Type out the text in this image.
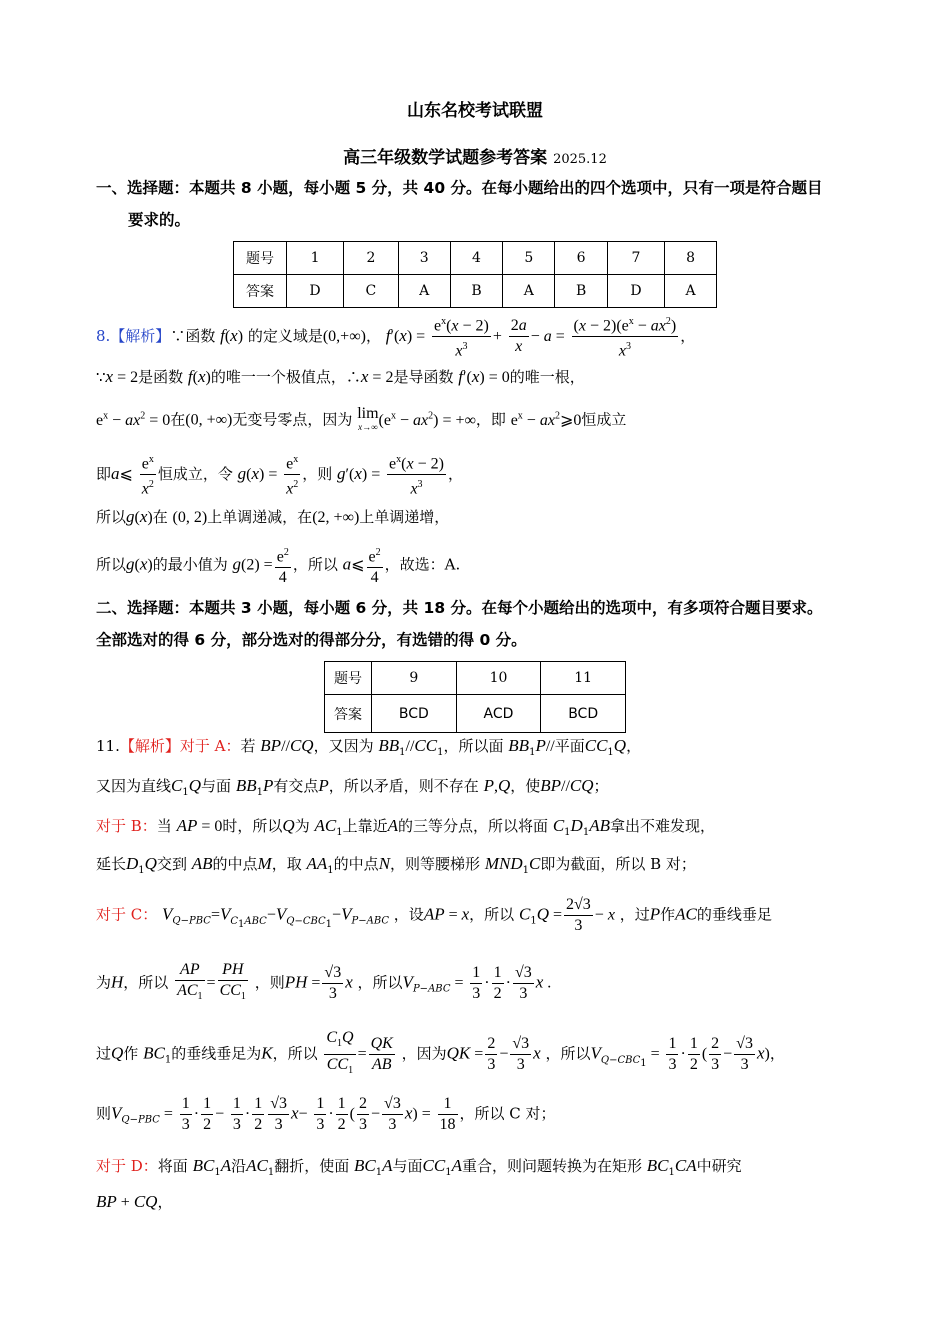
山东名校考试联盟
高三年级数学试题参考答案 2025.12
一、选择题：本题共 8 小题，每小题 5 分，共 40 分。在每小题给出的四个选项中，只有一项是符合题目
要求的。
题号	1	2	3	4	5	6	7	8
答案	D	C	A	B	A	B	D	A
8.【解析】∵函数 f(x) 的定义域是(0,+∞)， $f'(x) = \frac{e^x(x - 2)}{x^3} + \frac{2a}{x} - a = \frac{(x - 2)(e^x - ax^2)}{x^3}$ ，
∵x = 2是函数 f(x)的唯一一个极值点，∴x = 2是导函数 f′(x) = 0的唯一根，
$e^x - ax^2 = 0$在(0, +∞)无变号零点，因为 lim
$x\to\infty(e^x - ax^2)$ = +∞，即 $e^x$ − $ax^2⩾0$恒成立
即a⩽ $\frac{e^x}{x^2}$ 恒成立，令 $g(x) = \frac{e^x}{x^2}$ ，则 $g'(x) = \frac{e^x(x - 2)}{x^3}$ ，
所以g(x)在 (0, 2)上单调递减，在(2, +∞)上单调递增，
所以g(x)的最小值为 $g(2) = \frac{e^2}{4}$ ，所以 a⩽ $\frac{e^2}{4}$ ，故选：A.
二、选择题：本题共 3 小题，每小题 6 分，共 18 分。在每个小题给出的选项中，有多项符合题目要求。
全部选对的得 6 分，部分选对的得部分分，有选错的得 0 分。
题号	9	10	11
答案	BCD	ACD	BCD
11.【解析】对于 A：若 BP//CQ，又因为 $BB_1//CC_1$，所以面 $BB_1P//$平面$CC_1Q$，
又因为直线$C_1Q$与面 $BB_1P$有交点P，所以矛盾，则不存在 P,Q，使BP//CQ；
对于 B：当 AP = 0时，所以Q为 $AC_1$上靠近A的三等分点，所以将面 $C_1D_1AB$拿出不难发现，
延长$D_1Q$交到 AB的中点M，取 $AA_1$的中点N，则等腰梯形 $MND_1C$即为截面，所以 B 对；
对于 C： $V_{Q-PBC}=V_{C_1ABC}-V_{Q-CBC_1}-V_{P-ABC}$ ，设AP = x，所以 $C_1Q = \frac{2√3}{3} - x$ ，过P作AC的垂线垂足
为H，所以 $\frac{AP}{AC_1} = \frac{PH}{CC_1}$ ，则PH = $\frac{√3}{3}$ x ，所以$V_{P-ABC} = \frac{1}{3} \cdot \frac{1}{2} \cdot \frac{√3}{3}$ x .
过Q作 $BC_1$的垂线垂足为K，所以 $\frac{C_1Q}{CC_1} = \frac{QK}{AB}$ ，因为QK = $\frac{2}{3} - \frac{√3}{3}$ x ，所以$V_{Q-CBC_1} = \frac{1}{3} \cdot \frac{1}{2}$ ( $\frac{2}{3} - \frac{√3}{3} x$)，
则$V_{Q-PBC} = \frac{1}{3} \cdot \frac{1}{2} - \frac{1}{3} \cdot \frac{1}{2} \frac{√3}{3} x- \frac{1}{3} \cdot \frac{1}{2}$ ( $\frac{2}{3} - \frac{√3}{3} x) = \frac{1}{18}$ ，所以 C 对；
对于 D：将面 $BC_1A$沿$AC_1$翻折，使面 $BC_1A$与面$CC_1A$重合，则问题转换为在矩形 $BC_1CA$中研究
BP + CQ，
